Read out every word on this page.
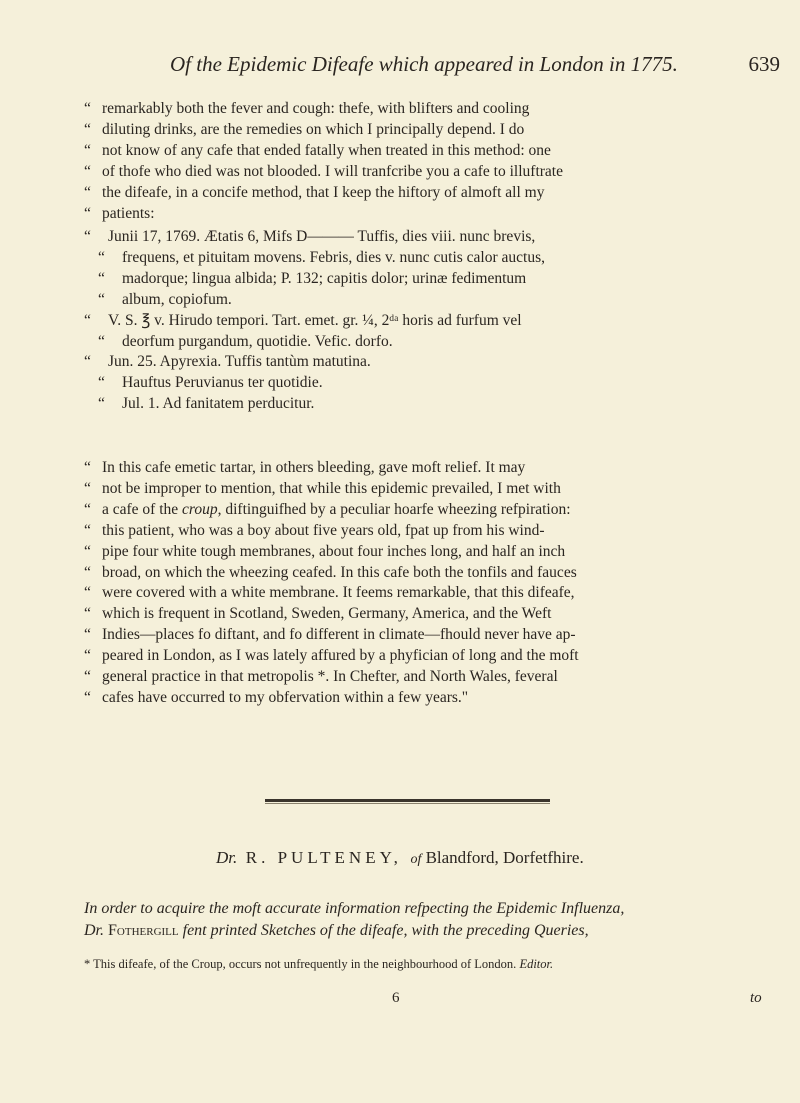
Of the Epidemic Difeafe which appeared in London in 1775.	639
“ remarkably both the fever and cough: thefe, with blifters and cooling
“ diluting drinks, are the remedies on which I principally depend. I do
“ not know of any cafe that ended fatally when treated in this method: one
“ of thofe who died was not blooded. I will tranfcribe you a cafe to illuftrate
“ the difeafe, in a concife method, that I keep the hiftory of almoft all my
“ patients:
“ Junii 17, 1769. Ætatis 6, Mifs D——— Tuffis, dies viii. nunc brevis,
“ frequens, et pituitam movens. Febris, dies v. nunc cutis calor auctus,
“ madorque; lingua albida; P. 132; capitis dolor; urinæ fedimentum
“ album, copiofum.
“ V. S. ℥ v. Hirudo tempori. Tart. emet. gr. ¼, 2ᵈᵃ horis ad furfum vel
“ deorfum purgandum, quotidie. Vefic. dorfo.
“ Jun. 25. Apyrexia. Tuffis tantùm matutina.
“ Hauftus Peruvianus ter quotidie.
“ Jul. 1. Ad fanitatem perducitur.
“ In this cafe emetic tartar, in others bleeding, gave moft relief. It may
“ not be improper to mention, that while this epidemic prevailed, I met with
“ a cafe of the croup, diftinguifhed by a peculiar hoarfe wheezing refpiration:
“ this patient, who was a boy about five years old, fpat up from his wind-
“ pipe four white tough membranes, about four inches long, and half an inch
“ broad, on which the wheezing ceafed. In this cafe both the tonfils and fauces
“ were covered with a white membrane. It feems remarkable, that this difeafe,
“ which is frequent in Scotland, Sweden, Germany, America, and the Weft
“ Indies—places fo diftant, and fo different in climate—fhould never have ap-
“ peared in London, as I was lately affured by a phyfician of long and the moft
“ general practice in that metropolis *. In Chefter, and North Wales, feveral
“ cafes have occurred to my obfervation within a few years."
Dr. R. PULTENEY, of Blandford, Dorfetfhire.
In order to acquire the moft accurate information refpecting the Epidemic Influenza,
Dr. Fothergill fent printed Sketches of the difeafe, with the preceding Queries,
* This difeafe, of the Croup, occurs not unfrequently in the neighbourhood of London. Editor.
6	to
